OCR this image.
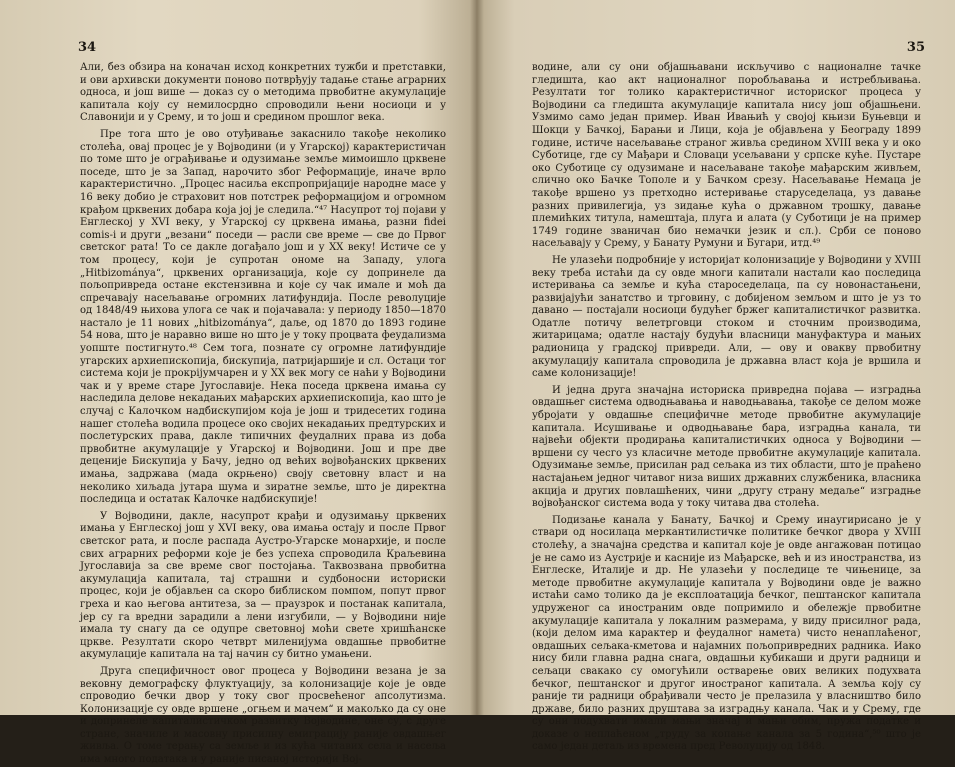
34

Али, без обзира на коначан исход конкретних тужби и претставки, и ови архивски документи поново потврђују тадање стање аграрних односа, и још више — доказ су о методима првобитне акумулације капитала коју су немилосрдно спроводили њени носиоци и у Славонији и у Срему, и то још и средином прошлог века.

Пре тога што је ово отуђивање закаснило такође неколико столећа, овај процес је у Војводини (и у Угарској) карактеристичан по томе што је ограђивање и одузимање земље мимоишло црквене поседе, што је за Запад, нарочито због Реформације, иначе врло карактеристично. „Процес насиља експропријације народне масе у 16 веку добио је страховит нов потстрек реформацијом и огромном крађом црквених добара која јој је следила.“⁴⁷ Насупрот тој појави у Енглеској у XVI веку, у Угарској су црквена имања, разни fidei comis-i и други „везани“ поседи — расли све време — све до Првог светског рата! То се дакле догађало још и у XX веку! Истиче се у том процесу, који је супротан ономе на Западу, улога „Hitbizományа“, црквених организација, које су допринеле да пољопривреда остане екстензивна и које су чак имале и моћ да спречавају насељавање огромних латифундија. После револуције од 1848/49 њихова улога се чак и појачавала: у периоду 1850—1870 настало је 11 нових „hitbizományа“, даље, од 1870 до 1893 године 54 нова, што је наравно више но што је у току процвата феудализма уопште постигнуто.⁴⁸ Сем тога, познате су огромне латифундије угарских архиепископија, бискупија, патријаршије и сл. Остаци тог система који је прокрijумчарен и у XX век могу се наћи у Војводини чак и у време старе Југославије. Нека поседа црквена имања су наследила деловe некадањих мађарских архиепископија, као што је случај с Калочком надбискупијом која је још и тридесетих година нашег столећа водила процесе око својих некадањих предтурских и послетурских права, дакле типичних феудалних права из доба првобитне акумулације у Угарској и Војводини. Још и пре две деценије Бискупија у Бачу, једно од већих војвођанских црквених имања, задржава (мада окрњено) своју световну власт и на неколико хиљада јутара шума и зиратне земље, што је директна последица и остатак Калочке надбискупије!

У Војводини, дакле, насупрот крађи и одузимању црквених имања у Енглеској још у XVI веку, ова имања остају и после Првог светског рата, и после распада Аустро-Угарске монархије, и после свих аграрних реформи које је без успеха спроводила Краљевина Југославија за све време свог постојања. Таквозвана првобитна акумулација капитала, тај страшни и судбоносни историски процес, који је објављен са скоро библиском помпом, попут првог греха и као његова антитеза, за — праузрок и постанак капитала, јер су га вредни зарадили а лени изгубили, — у Војводини није имала ту снагу да се одупре световној моћи свете хришћанске цркве. Резултати скоро четврт миленијума овдашње првобитне акумулације капитала на тај начин су битно умањени.

Друга специфичност овог процеса у Војводини везана је за вековну демографску флуктуацију, за колонизације које је овде спроводио бечки двор у току свог просвећеног апсолутизма. Колонизације су овде вршене „огњем и мачем“ и макољко да су оне и допринеле капиталистичком развитку Војводине, оне су, с друге стране, значиле и масовну присилну емиграцију раније овдашњег живља. О томе терању са земље и из кућа читавих села и насеља има много података и у раније писаној историји Вој-

35

водине, али су они објашњавани искључиво с националне тачке гледишта, као акт националног поробљавања и истребљивања. Резултати тог толико карактеристичног историског процеса у Војводини са гледишта акумулације капитала нису још објашњени. Узмимо само један пример. Иван Ивањић у својој књизи Буњевци и Шокци у Бачкој, Барањи и Лици, која је објављена у Београду 1899 године, истиче насељавање страног живља средином XVIII века у и око Суботице, где су Мађари и Словаци усељавани у српске куће. Пустаре око Суботице су одузимане и насељаване такође мађарским живљем, слично око Бачке Тополе и у Бачком срезу. Насељавање Немаца је такође вршено уз претходно истеривање старуседелаца, уз давање разних привилегија, уз зидање кућа о државном трошку, давање племићких титула, намештаја, плуга и алата (у Суботици је на пример 1749 године званичан био немачки језик и сл.). Срби се поново насељавају у Срему, у Банату Румуни и Бугари, итд.⁴⁹

Не улазећи подробније у историјат колонизације у Војводини у XVIII веку треба истаћи да су овде многи капитали настали као последица истеривања са земље и кућа староседелаца, па су новонастањени, развијајући занатство и трговину, с добијеном земљом и што је уз то давано — постајали носиоци будућег бржег капиталистичког развитка. Одатле потичу велетрговци стоком и сточним производима, житарицама; одатле настају будући власници мануфактура и мањих радионица у градској привреди. Али, — ову и овакву првобитну акумулацију капитала спроводила је државна власт која је вршила и саме колонизације!

И једна друга значајна историска привредна појава — изградња овдашњег система одводњавања и наводњавања, такође се делом може убројати у овдашње специфичне методе првобитне акумулације капитала. Исушивање и одводњавање бара, изградња канала, ти највећи објекти продирања капиталистичких односа у Војводини — вршени су чесго уз класичне методе првобитне акумулације капитала. Одузимање земље, присилан рад сељака из тих области, што је праћено настајањем једног читавог низа виших државних службеника, власника акција и других повлашћених, чини „другу страну медаље“ изградње војвођанског система вода у току читава два столећа.

Подизање канала у Банату, Бачкој и Срему инаугирисано је у ствари од носилаца меркантилистичке политике бечког двора у XVIII столећу, а значајна средства и капитал које је овде ангажован потицао је не само из Аустрије и касније из Мађарске, већ и из иностранства, из Енглеске, Италије и др. Не улазећи у последице те чињенице, за методе првобитне акумулације капитала у Војводини овде је важно истаћи само толико да је експлоатација бечког, пештанског капитала удруженог са иностраним овде попримило и обележје првобитне акумулације капитала у локалним размерама, у виду присилног рада, (који делом има карактер и феудалног намета) чисто ненаплаћеног, овдашњих сељака-кметова и најамних пољопривредних радника. Иако нису били главна радна снага, овдашњи кубикаши и други радници и сељаци свакако су омогућили остварење ових великих подухвата бечког, пештанског и другог иностраног капитала. А земља коју су раније ти радници обрађивали често је прелазила у власништво било државе, било разних друштава за изградњу канала. Чак и у Срему, где су они подухвати имали мањи значај и мањи обим, пружа податке и доказе о неплаћеном „труду за копање канала за 5 година“,⁵⁰ што је само један детаљ из времена пред Револуцију од 1848.
